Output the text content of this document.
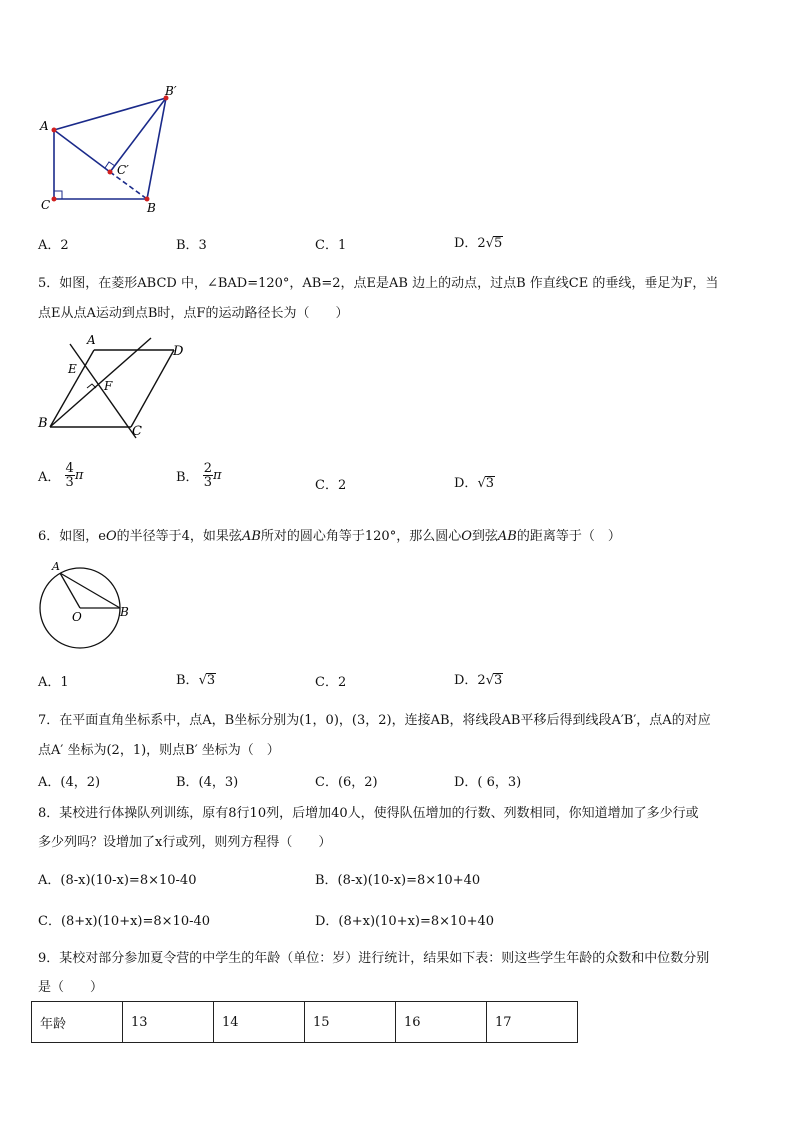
A
B′
C′
C	B
A．2	B．3	C．1	D．2√5
5．如图，在菱形ABCD 中，∠BAD=120°，AB=2，点E是AB 边上的动点，过点B 作直线CE 的垂线，垂足为F，当
点E从点A运动到点B时，点F的运动路径长为（　　）
A
D
E
F
B
C
A． $\frac{4}{3}$ π	B． $\frac{2}{3}$ π
C．2	D．√3
6．如图，eO的半径等于4，如果弦AB所对的圆心角等于120°，那么圆心O到弦AB的距离等于（　）
A
O	B
A．1	B．√3	C．2	D．2√3
7．在平面直角坐标系中，点A，B坐标分别为(1，0)，(3，2)，连接AB，将线段AB平移后得到线段A′B′，点A的对应
点A′ 坐标为(2，1)，则点B′ 坐标为（　）
A．(4，2)	B．(4，3)	C．(6，2)	D．( 6，3)
8．某校进行体操队列训练，原有8行10列，后增加40人，使得队伍增加的行数、列数相同，你知道增加了多少行或
多少列吗？设增加了x行或列，则列方程得（　　）
A．(8-x)(10-x)=8×10-40	B．(8-x)(10-x)=8×10+40
C．(8+x)(10+x)=8×10-40	D．(8+x)(10+x)=8×10+40
9．某校对部分参加夏令营的中学生的年龄（单位：岁）进行统计，结果如下表：则这些学生年龄的众数和中位数分别
是（　　）
年龄	13	14	15	16	17
